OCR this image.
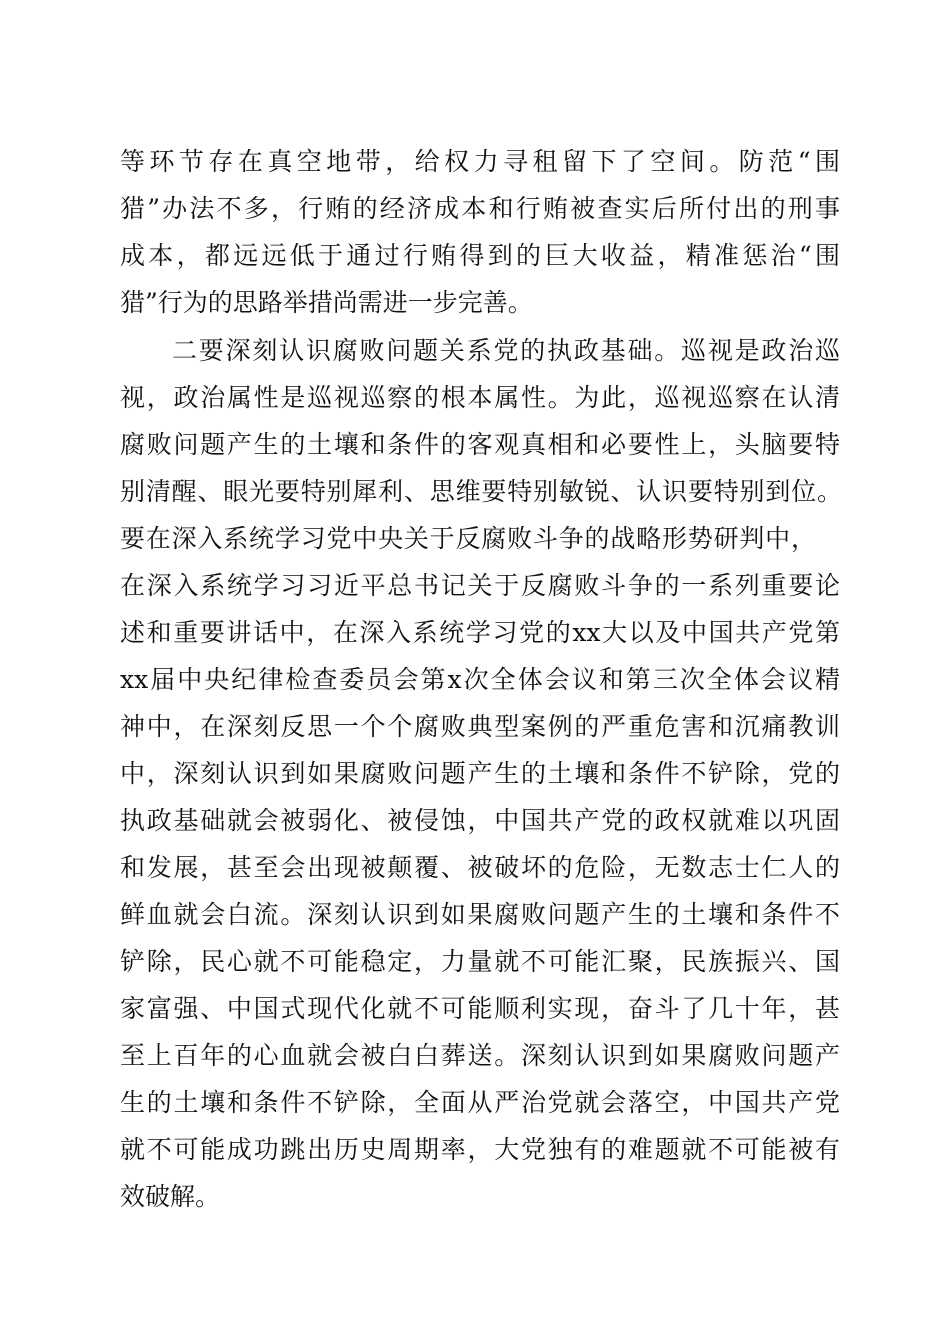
等环节存在真空地带，给权力寻租留下了空间。防范“围
猎”办法不多，行贿的经济成本和行贿被查实后所付出的刑事
成本，都远远低于通过行贿得到的巨大收益，精准惩治“围
猎”行为的思路举措尚需进一步完善。
二要深刻认识腐败问题关系党的执政基础。巡视是政治巡
视，政治属性是巡视巡察的根本属性。为此，巡视巡察在认清
腐败问题产生的土壤和条件的客观真相和必要性上，头脑要特
别清醒、眼光要特别犀利、思维要特别敏锐、认识要特别到位。
要在深入系统学习党中央关于反腐败斗争的战略形势研判中，
在深入系统学习习近平总书记关于反腐败斗争的一系列重要论
述和重要讲话中，在深入系统学习党的xx大以及中国共产党第
xx届中央纪律检查委员会第x次全体会议和第三次全体会议精
神中，在深刻反思一个个腐败典型案例的严重危害和沉痛教训
中，深刻认识到如果腐败问题产生的土壤和条件不铲除，党的
执政基础就会被弱化、被侵蚀，中国共产党的政权就难以巩固
和发展，甚至会出现被颠覆、被破坏的危险，无数志士仁人的
鲜血就会白流。深刻认识到如果腐败问题产生的土壤和条件不
铲除，民心就不可能稳定，力量就不可能汇聚，民族振兴、国
家富强、中国式现代化就不可能顺利实现，奋斗了几十年，甚
至上百年的心血就会被白白葬送。深刻认识到如果腐败问题产
生的土壤和条件不铲除，全面从严治党就会落空，中国共产党
就不可能成功跳出历史周期率，大党独有的难题就不可能被有
效破解。
